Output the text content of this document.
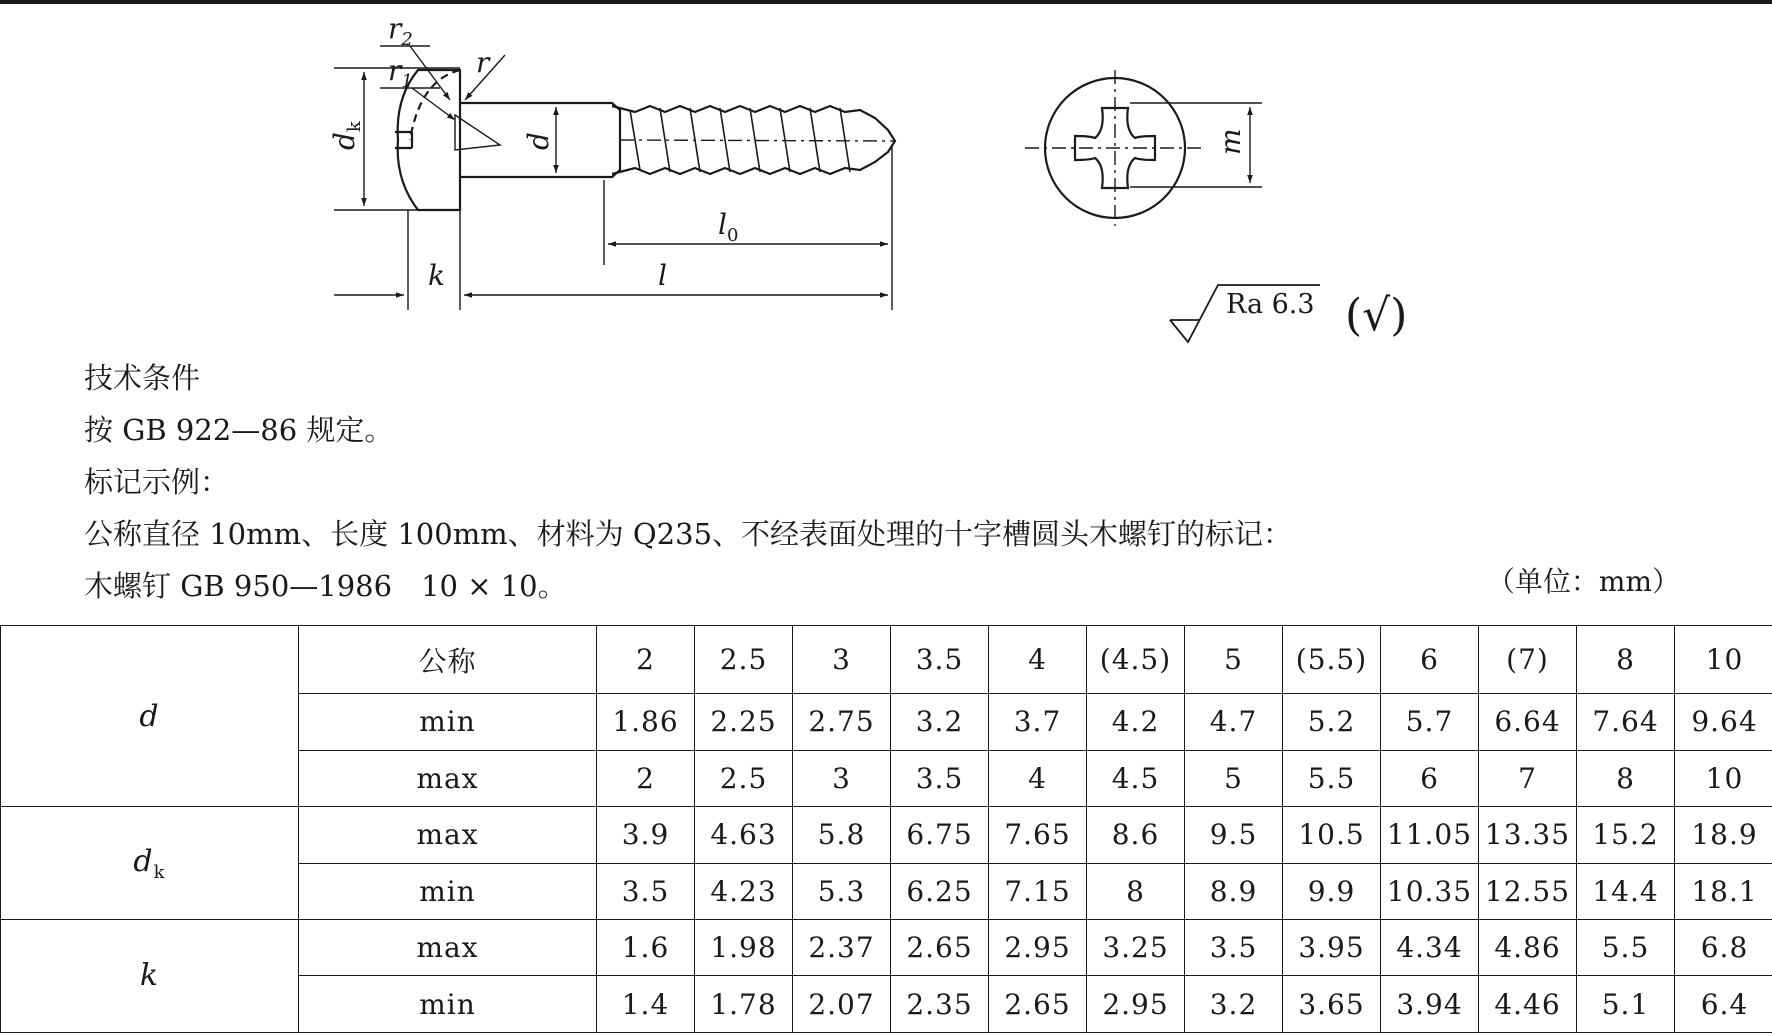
$r_2$
$r_1$
r
$d_k$
d
$l_0$
k	l
m
Ra 6.3 (√)
技术条件
按 GB 922—86 规定。
标记示例：
公称直径 10mm、长度 100mm、材料为 Q235、不经表面处理的十字槽圆头木螺钉的标记：
木螺钉 GB 950—1986　10 × 10。	（单位：mm）
d	公称	2	2.5	3	3.5	4	(4.5)	5	(5.5)	6	(7)	8	10
	min	1.86	2.25	2.75	3.2	3.7	4.2	4.7	5.2	5.7	6.64	7.64	9.64
	max	2	2.5	3	3.5	4	4.5	5	5.5	6	7	8	10
$d_k$	max	3.9	4.63	5.8	6.75	7.65	8.6	9.5	10.5	11.05	13.35	15.2	18.9
	min	3.5	4.23	5.3	6.25	7.15	8	8.9	9.9	10.35	12.55	14.4	18.1
k	max	1.6	1.98	2.37	2.65	2.95	3.25	3.5	3.95	4.34	4.86	5.5	6.8
	min	1.4	1.78	2.07	2.35	2.65	2.95	3.2	3.65	3.94	4.46	5.1	6.4
